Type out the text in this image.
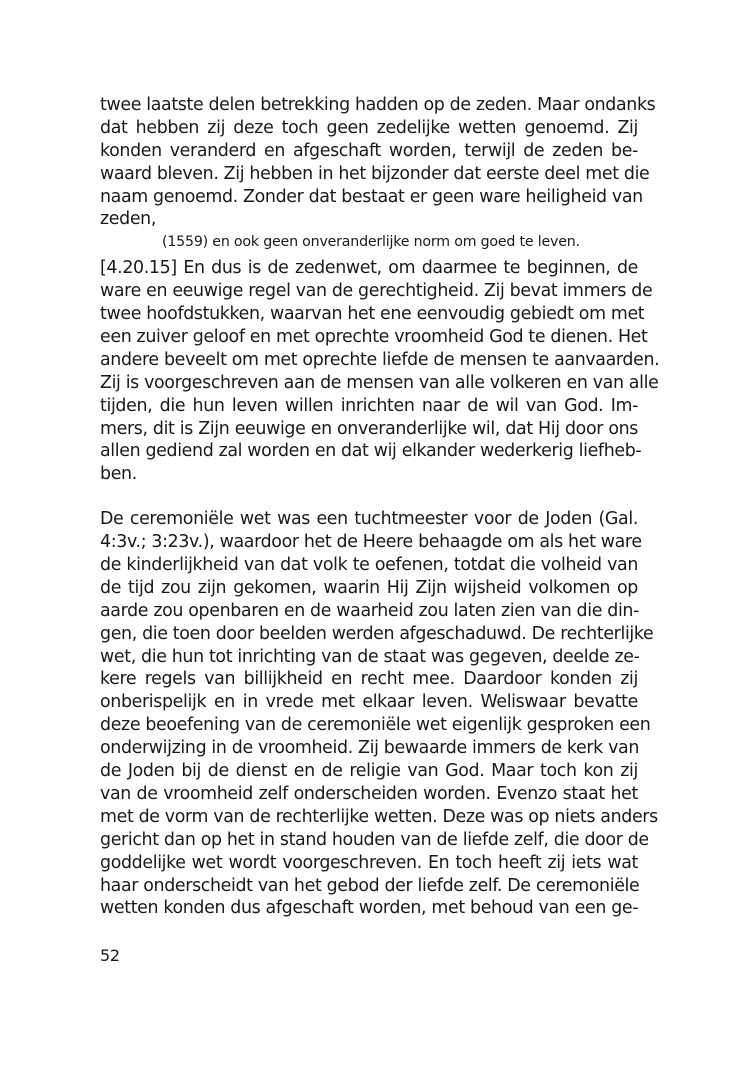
twee laatste delen betrekking hadden op de zeden. Maar ondanks
dat hebben zij deze toch geen zedelijke wetten genoemd. Zij
konden veranderd en afgeschaft worden, terwijl de zeden be-
waard bleven. Zij hebben in het bijzonder dat eerste deel met die
naam genoemd. Zonder dat bestaat er geen ware heiligheid van
zeden,
(1559) en ook geen onveranderlijke norm om goed te leven.
[4.20.15] En dus is de zedenwet, om daarmee te beginnen, de
ware en eeuwige regel van de gerechtigheid. Zij bevat immers de
twee hoofdstukken, waarvan het ene eenvoudig gebiedt om met
een zuiver geloof en met oprechte vroomheid God te dienen. Het
andere beveelt om met oprechte liefde de mensen te aanvaarden.
Zij is voorgeschreven aan de mensen van alle volkeren en van alle
tijden, die hun leven willen inrichten naar de wil van God. Im-
mers, dit is Zijn eeuwige en onveranderlijke wil, dat Hij door ons
allen gediend zal worden en dat wij elkander wederkerig liefheb-
ben.
De ceremoniële wet was een tuchtmeester voor de Joden (Gal.
4:3v.; 3:23v.), waardoor het de Heere behaagde om als het ware
de kinderlijkheid van dat volk te oefenen, totdat die volheid van
de tijd zou zijn gekomen, waarin Hij Zijn wijsheid volkomen op
aarde zou openbaren en de waarheid zou laten zien van die din-
gen, die toen door beelden werden afgeschaduwd. De rechterlijke
wet, die hun tot inrichting van de staat was gegeven, deelde ze-
kere regels van billijkheid en recht mee. Daardoor konden zij
onberispelijk en in vrede met elkaar leven. Weliswaar bevatte
deze beoefening van de ceremoniële wet eigenlijk gesproken een
onderwijzing in de vroomheid. Zij bewaarde immers de kerk van
de Joden bij de dienst en de religie van God. Maar toch kon zij
van de vroomheid zelf onderscheiden worden. Evenzo staat het
met de vorm van de rechterlijke wetten. Deze was op niets anders
gericht dan op het in stand houden van de liefde zelf, die door de
goddelijke wet wordt voorgeschreven. En toch heeft zij iets wat
haar onderscheidt van het gebod der liefde zelf. De ceremoniële
wetten konden dus afgeschaft worden, met behoud van een ge-
52
